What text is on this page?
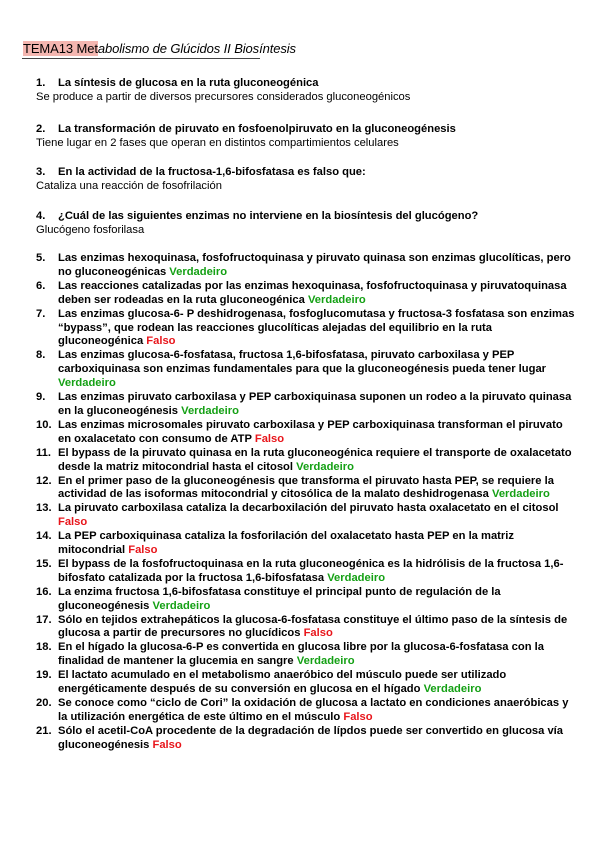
TEMA13 Metabolismo de Glúcidos II Biosíntesis
1. La síntesis de glucosa en la ruta gluconeogénica
Se produce a partir de diversos precursores considerados gluconeogénicos
2. La transformación de piruvato en fosfoenolpiruvato en la gluconeogénesis
Tiene lugar en 2 fases que operan en distintos compartimientos celulares
3. En la actividad de la fructosa-1,6-bifosfatasa es falso que:
Cataliza una reacción de fosofrilación
4. ¿Cuál de las siguientes enzimas no interviene en la biosíntesis del glucógeno?
Glucógeno fosforilasa
5.	Las enzimas hexoquinasa, fosfofructoquinasa y piruvato quinasa son enzimas glucolíticas, pero no gluconeogénicas Verdadeiro
6.	Las reacciones catalizadas por las enzimas hexoquinasa, fosfofructoquinasa y piruvatoquinasa deben ser rodeadas en la ruta gluconeogénica Verdadeiro
7.	Las enzimas glucosa-6- P deshidrogenasa, fosfoglucomutasa y fructosa-3 fosfatasa son enzimas “bypass”, que rodean las reacciones glucolíticas alejadas del equilibrio en la ruta gluconeogénica Falso
8.	Las enzimas glucosa-6-fosfatasa, fructosa 1,6-bifosfatasa, piruvato carboxilasa y PEP carboxiquinasa son enzimas fundamentales para que la gluconeogénesis pueda tener lugar Verdadeiro
9.	Las enzimas piruvato carboxilasa y PEP carboxiquinasa suponen un rodeo a la piruvato quinasa en la gluconeogénesis Verdadeiro
10. Las enzimas microsomales piruvato carboxilasa y PEP carboxiquinasa transforman el piruvato en oxalacetato con consumo de ATP Falso
11. El bypass de la piruvato quinasa en la ruta gluconeogénica requiere el transporte de oxalacetato desde la matriz mitocondrial hasta el citosol Verdadeiro
12. En el primer paso de la gluconeogénesis que transforma el piruvato hasta PEP, se requiere la actividad de las isoformas mitocondrial y citosólica de la malato deshidrogenasa Verdadeiro
13. La piruvato carboxilasa cataliza la decarboxilación del piruvato hasta oxalacetato en el citosol Falso
14. La PEP carboxiquinasa cataliza la fosforilación del oxalacetato hasta PEP en la matriz mitocondrial Falso
15. El bypass de la fosfofructoquinasa en la ruta gluconeogénica es la hidrólisis de la fructosa 1,6-bifosfato catalizada por la fructosa 1,6-bifosfatasa Verdadeiro
16. La enzima fructosa 1,6-bifosfatasa constituye el principal punto de regulación de la gluconeogénesis Verdadeiro
17. Sólo en tejidos extrahepáticos la glucosa-6-fosfatasa constituye el último paso de la síntesis de glucosa a partir de precursores no glucídicos Falso
18. En el hígado la glucosa-6-P es convertida en glucosa libre por la glucosa-6-fosfatasa con la finalidad de mantener la glucemia en sangre Verdadeiro
19. El lactato acumulado en el metabolismo anaeróbico del músculo puede ser utilizado energéticamente después de su conversión en glucosa en el hígado Verdadeiro
20. Se conoce como “ciclo de Cori” la oxidación de glucosa a lactato en condiciones anaeróbicas y la utilización energética de este último en el músculo Falso
21. Sólo el acetil-CoA procedente de la degradación de lípdos puede ser convertido en glucosa vía gluconeogénesis Falso
